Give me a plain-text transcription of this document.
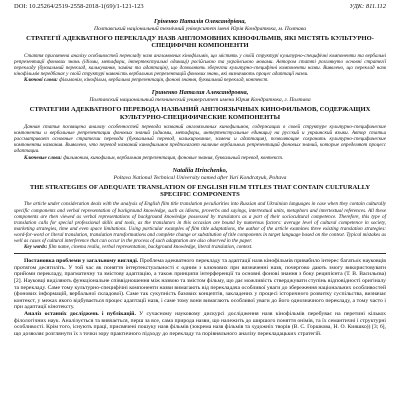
DOI: 10.25264/2519-2558-2018-1(69)/1-121-123	УДК: 811.112
Гріненко Наталія Олександрівна,
Полтавський національний технічний університет імені Юрія Кондратюка, м. Полтава
СТРАТЕГІЇ АДЕКВАТНОГО ПЕРЕКЛАДУ НАЗВ АНГЛОМОВНИХ КІНОФІЛЬМІВ, ЯКІ МІСТЯТЬ КУЛЬТУРНО-СПЕЦИФІЧНІ КОМПОНЕНТИ
Стаття присвячена аналізу особливостей перекладу назв англомовних кінофільмів, що містять у своїй структурі культурно-специфічні компоненти та вербальні репрезентації фонових знань (ідіоми, метафори, інтертекстуальні одиниці) російською та українською мовами. Автором статті розглянуто основні стратегії перекладу (буквальний переклад, калькування, заміна та адаптація), що дозволяють зберегти культурно-специфічні компоненти назви. Виявлено, що переклад назв кінофільмів передбачає у своїй структурі наявність вербальних репрезентацій фонових знань, які визначають процес адаптації назви.
Ключові слова: фільмонім, кінофільм, вербальна репрезентація, фонові знання, буквальний переклад, контекст.
Гриненко Наталия Александровна,
Полтавский национальный технический университет имени Юрия Кондратюка, г. Полтава
СТРАТЕГИИ АДЕКВАТНОГО ПЕРЕВОДА НАЗВАНИЙ АНГЛОЯЗЫЧНЫХ КИНОФИЛЬМОВ, СОДЕРЖАЩИХ КУЛЬТУРНО-СПЕЦИФИЧЕСКИЕ КОМПОНЕНТЫ
Данная статья посвящена анализу особенностей перевода названий англоязычных кинофильмов, содержащих в своей структуре культурно-специфические компоненты и вербальные репрезентации фоновых знаний (идиомы, метафоры, интертекстуальные единицы) на русский и украинский языки. Автор статьи рассматривает основные стратегии перевода (буквальный перевод, калькирование, замена и адаптация), позволяющие сохранить культурно-специфические компоненты названия. Выявлено, что перевод названий кинофильмов предполагает наличие вербальных репрезентаций фоновых знаний, которые определяют процесс адаптации.
Ключевые слова: фильмоним, кинофильм, вербальная репрезентация, фоновые знания, буквальный перевод, контекст.
Nataliia Hrinchenko,
Poltava National Technical University named after Yuri Kondratyuk, Poltava
THE STRATEGIES OF ADEQUATE TRANSLATION OF ENGLISH FILM TITLES THAT CONTAIN CULTURALLY SPECIFIC COMPONENTS
The article under consideration deals with the analysis of English film title translation peculiarities into Russian and Ukrainian languages in case when they contain culturally specific components and verbal representation of background knowledge, such as idioms, proverbs and sayings, intertextual units, metaphors and intertextual references. All these components are then viewed as verbal representations of background knowledge possessed by translators as a part of their sociocultural competence. Therefore, this type of translation calls for special professional skills and tools, as the translators in this occasion are bound by numerous factors: average level of cultural competence in society, marketing strategies, time and even space limitations. Using particular examples of film title adaptations, the author of the article examines three existing translation strategies: word-for-word or literal translation, translation transformations and complete change or substitution of title components in target language based on the context. Typical mistakes as well as cases of cultural interference that can occur in the process of such adaptation are also observed in the paper.
Key words: film name, cinema realia, verbal representation, background knowledge, literal translation, context.
Постановка проблеми у загальному вигляді. Проблема адекватного перекладу та адаптації назв кінофільмів привабило інтерес багатьох науковців протягом десятиліть. У той час як поняття інтертекстуальності є одним з ключових при визначенні назв, почергово дають змогу використовувати прийоми перекладу, прагматичну та змістову адаптацію, а також принципи інтерференції та основні фонові знання з боку реципієнта (Т. В. Васильєва) [2]. Науковці виділяють функціональне співвідношення між назвою та змістом фільму, що дає можливість стверджувати ступінь відповідності оригіналу та перекладу. Саме тому культурно-специфічні компоненти назви вимагають від перекладача особливої уваги до збереження національних особливостей (фонових інформацій, вербальної складової). Саме так сукупність базових концептів, закладених у процесі історичного розвитку суспільства, визначає контекст, у межах якого відбувається процес адаптації назв, і саме тому вони вимагають особливої уваги до його однозначного перекладу, а тому часто і при адаптації кінотексту.
Аналіз останніх досліджень і публікацій. У сучасному науковому дискурсі дослідження назв кінофільмів перебуває на перетині кількох філологічних наук. Аналізується та вивчається, перш за все, сама природа назви, що належить до ширшого поняття онімів, та їх семантичні і структурні особливості. Крім того, існують праці, присвячені пошуку назв фільмів (зокрема назв фільмів та художніх творів (В. С. Горшкова, Н. О. Кияшко)) [3; 6], що дозволяє розглянути їх з точки зору практичного підходу до перекладу та порівняльного аналізу перекладацьких стратегій.
